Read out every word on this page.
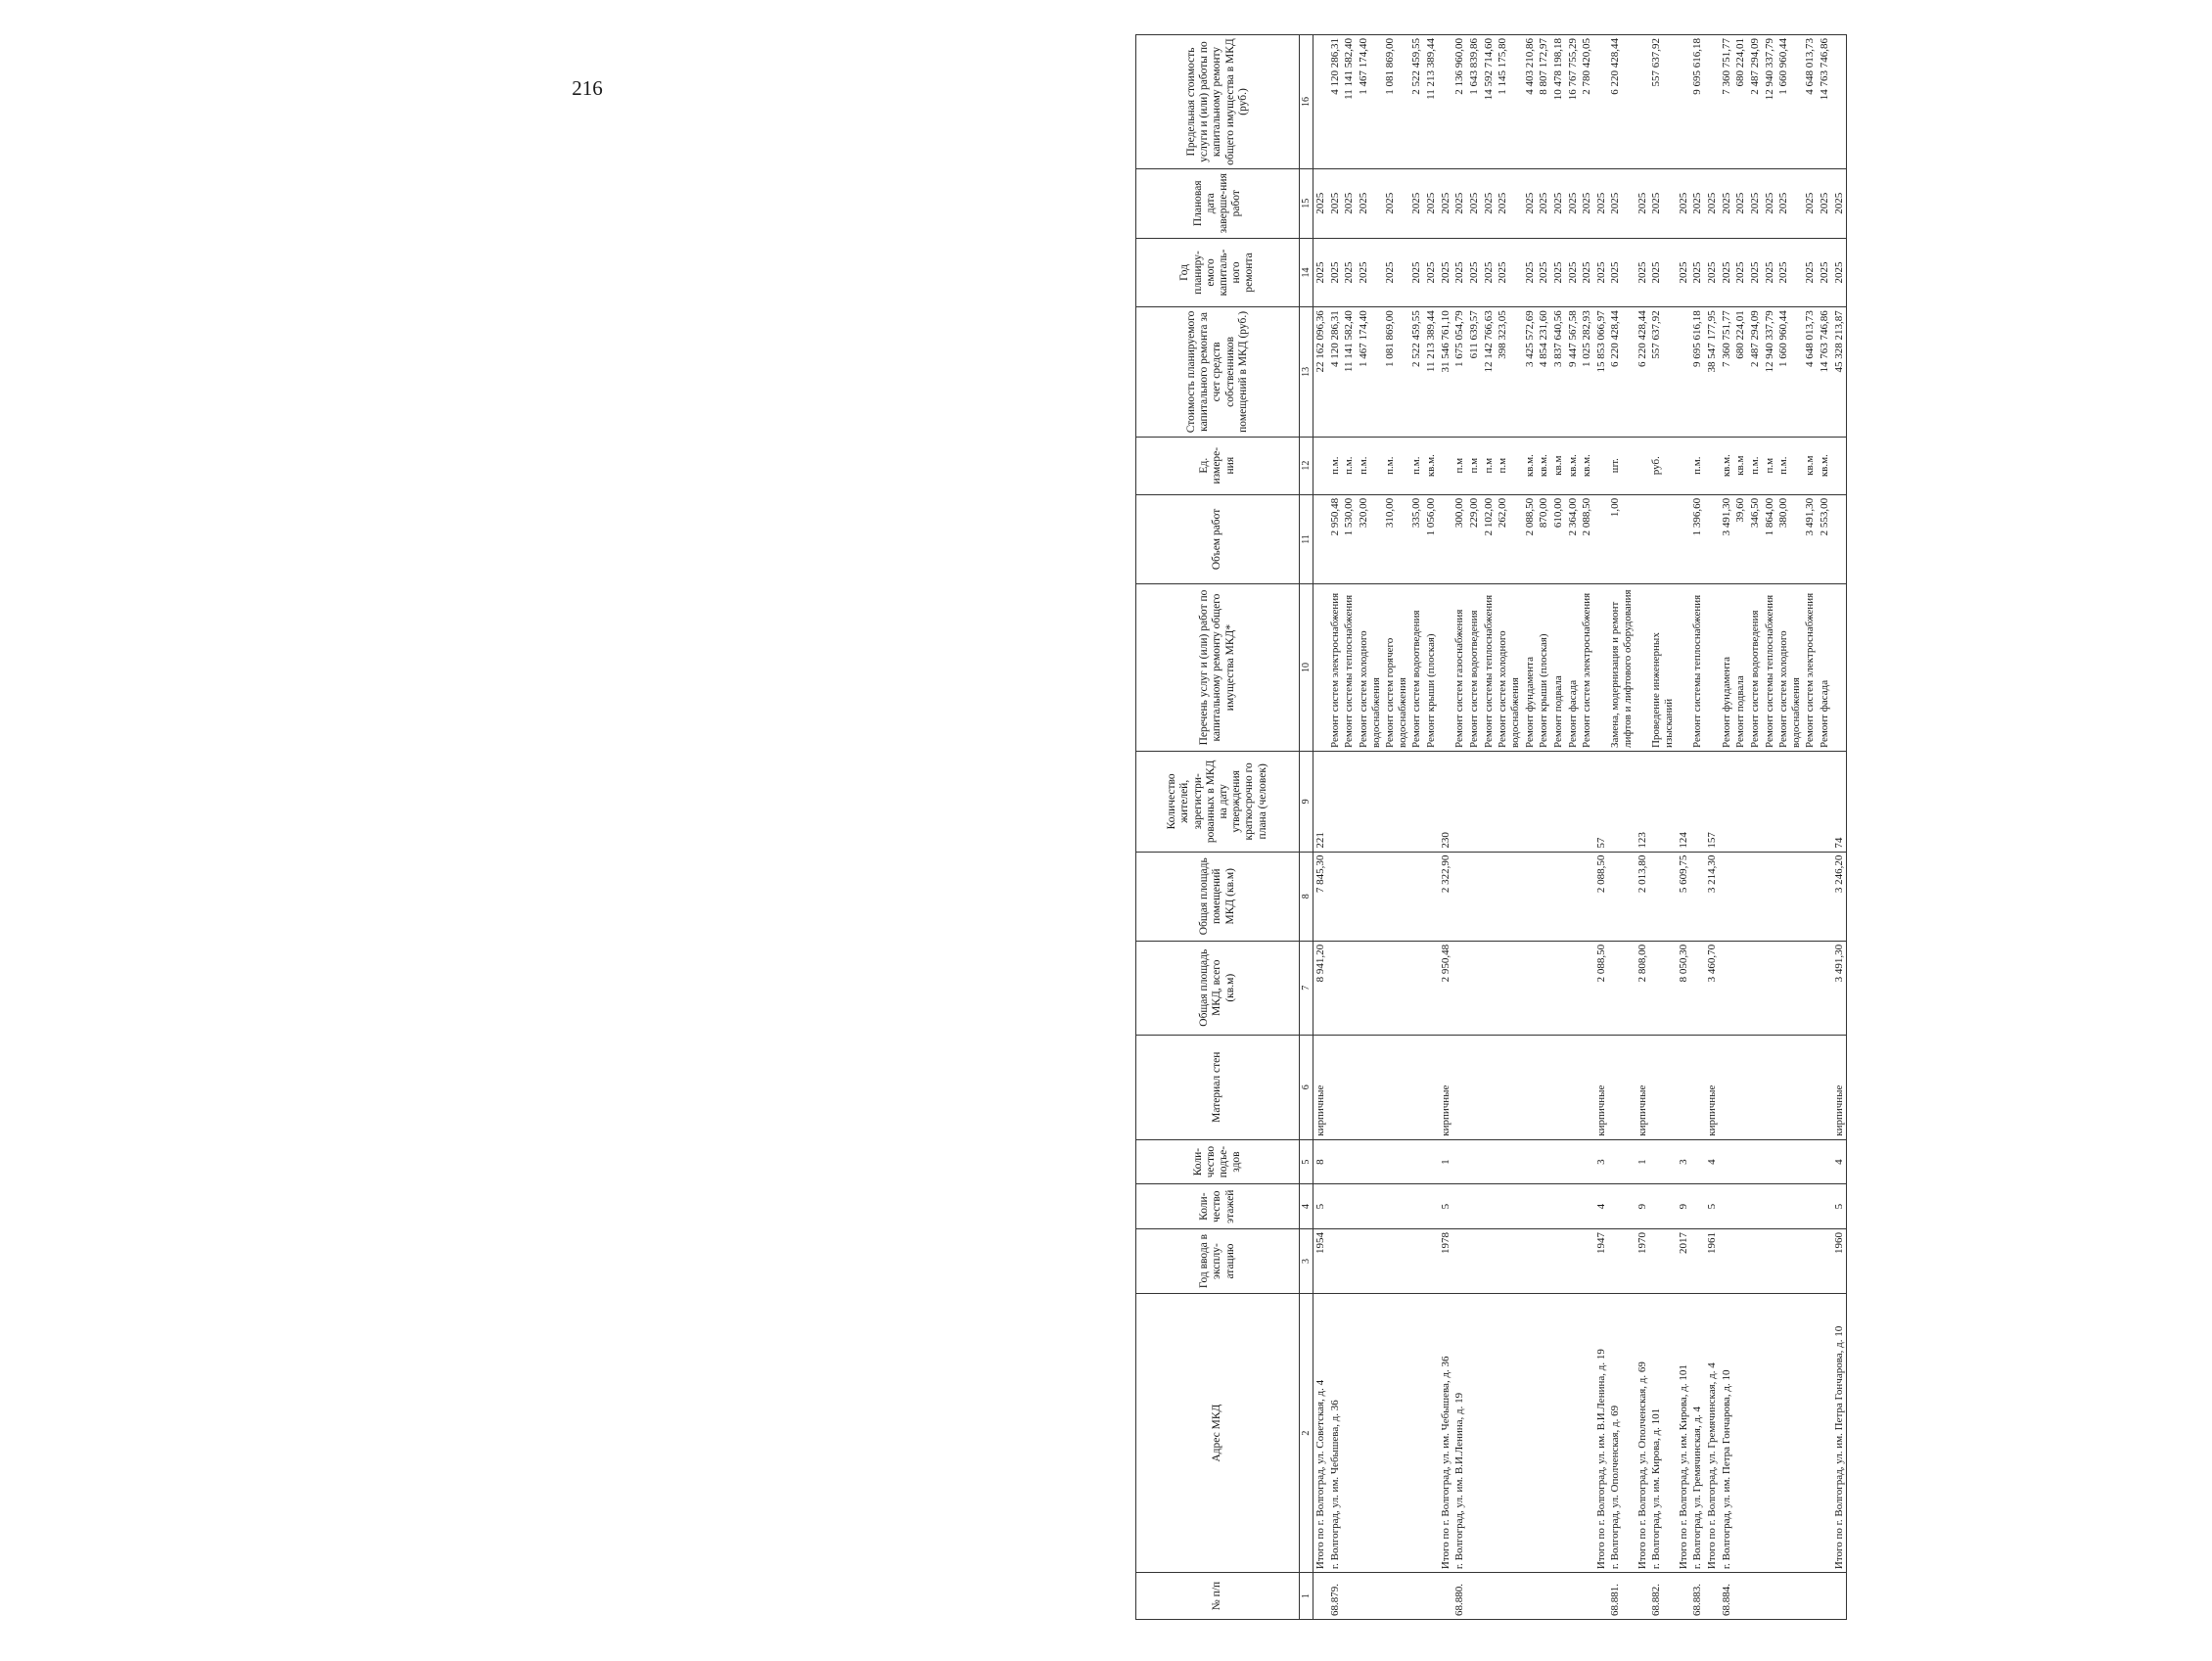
216
№ п/п	Адрес МКД	Год ввода в эксплу-атацию	Коли-чество этажей	Коли-чество подъе-здов	Материал стен	Общая площадь МКД, всего (кв.м)	Общая площадь помещений МКД (кв.м)	Количество жителей, зарегистри-рованных в МКД на дату утверждения краткосрочно го плана (человек)	Перечень услуг и (или) работ по капитальному ремонту общего имущества МКД*	Объем работ	Ед. измере-ния	Стоимость планируемого капитального ремонта за счет средств собственников помещений в МКД (руб.)	Год планиру-емого капиталь-ного ремонта	Плановая дата заверше-ния работ	Предельная стоимость услуги и (или) работы по капитальному ремонту общего имущества в МКД (руб.)
1	2	3	4	5	6	7	8	9	10	11	12	13	14	15	16
	Итого по г. Волгоград, ул. Советская, д. 4	1954	5	8	кирпичные	8 941,20	7 845,30	221				22 162 096,36	2025	2025	
68.879.	г. Волгоград, ул. им. Чебышева, д. 36								Ремонт систем электроснабжения	2 950,48	п.м.	4 120 286,31	2025	2025	4 120 286,31
									Ремонт системы теплоснабжения	1 530,00	п.м.	11 141 582,40	2025	2025	11 141 582,40
									Ремонт систем холодного водоснабжения	320,00	п.м.	1 467 174,40	2025	2025	1 467 174,40
									Ремонт систем горячего водоснабжения	310,00	п.м.	1 081 869,00	2025	2025	1 081 869,00
									Ремонт систем водоотведения	335,00	п.м.	2 522 459,55	2025	2025	2 522 459,55
									Ремонт крыши (плоская)	1 056,00	кв.м.	11 213 389,44	2025	2025	11 213 389,44
	Итого по г. Волгоград, ул. им. Чебышева, д. 36	1978	5	1	кирпичные	2 950,48	2 322,90	230				31 546 761,10	2025	2025	
68.880.	г. Волгоград, ул. им. В.И.Ленина, д. 19								Ремонт систем газоснабжения	300,00	п.м	1 675 054,79	2025	2025	2 136 960,00
									Ремонт систем водоотведения	229,00	п.м	611 639,57	2025	2025	1 643 839,86
									Ремонт системы теплоснабжения	2 102,00	п.м	12 142 766,63	2025	2025	14 592 714,60
									Ремонт систем холодного водоснабжения	262,00	п.м	398 323,05	2025	2025	1 145 175,80
									Ремонт фундамента	2 088,50	кв.м.	3 425 572,69	2025	2025	4 403 210,86
									Ремонт крыши (плоская)	870,00	кв.м.	4 854 231,60	2025	2025	8 807 172,97
									Ремонт подвала	610,00	кв.м	3 837 640,56	2025	2025	10 478 198,18
									Ремонт фасада	2 364,00	кв.м.	9 447 567,58	2025	2025	16 767 755,29
									Ремонт систем электроснабжения	2 088,50	кв.м.	1 025 282,93	2025	2025	2 780 420,05
	Итого по г. Волгоград, ул. им. В.И.Ленина, д. 19	1947	4	3	кирпичные	2 088,50	2 088,50	57				15 853 066,97	2025	2025	
68.881.	г. Волгоград, ул. Ополченская, д. 69								Замена, модернизация и ремонт лифтов и лифтового оборудования	1,00	шт.	6 220 428,44	2025	2025	6 220 428,44
	Итого по г. Волгоград, ул. Ополченская, д. 69	1970	9	1	кирпичные	2 808,00	2 013,80	123				6 220 428,44	2025	2025	
68.882.	г. Волгоград, ул. им. Кирова, д. 101								Проведение инженерных изысканий		руб.	557 637,92	2025	2025	557 637,92
	Итого по г. Волгоград, ул. им. Кирова, д. 101	2017	9	3		8 050,30	5 609,75	124					2025	2025	
68.883.	г. Волгоград, ул. Гремячинская, д. 4								Ремонт системы теплоснабжения	1 396,60	п.м.	9 695 616,18	2025	2025	9 695 616,18
	Итого по г. Волгоград, ул. Гремячинская, д. 4	1961	5	4	кирпичные	3 460,70	3 214,30	157				38 547 177,95	2025	2025	
68.884.	г. Волгоград, ул. им. Петра Гончарова, д. 10								Ремонт фундамента	3 491,30	кв.м.	7 360 751,77	2025	2025	7 360 751,77
									Ремонт подвала	39,60	кв.м	680 224,01	2025	2025	680 224,01
									Ремонт систем водоотведения	346,50	п.м.	2 487 294,09	2025	2025	2 487 294,09
									Ремонт системы теплоснабжения	1 864,00	п.м	12 940 337,79	2025	2025	12 940 337,79
									Ремонт систем холодного водоснабжения	380,00	п.м.	1 660 960,44	2025	2025	1 660 960,44
									Ремонт систем электроснабжения	3 491,30	кв.м	4 648 013,73	2025	2025	4 648 013,73
									Ремонт фасада	2 553,00	кв.м.	14 763 746,86	2025	2025	14 763 746,86
	Итого по г. Волгоград, ул. им. Петра Гончарова, д. 10	1960	5	4	кирпичные	3 491,30	3 246,20	74				45 328 213,87	2025	2025	
